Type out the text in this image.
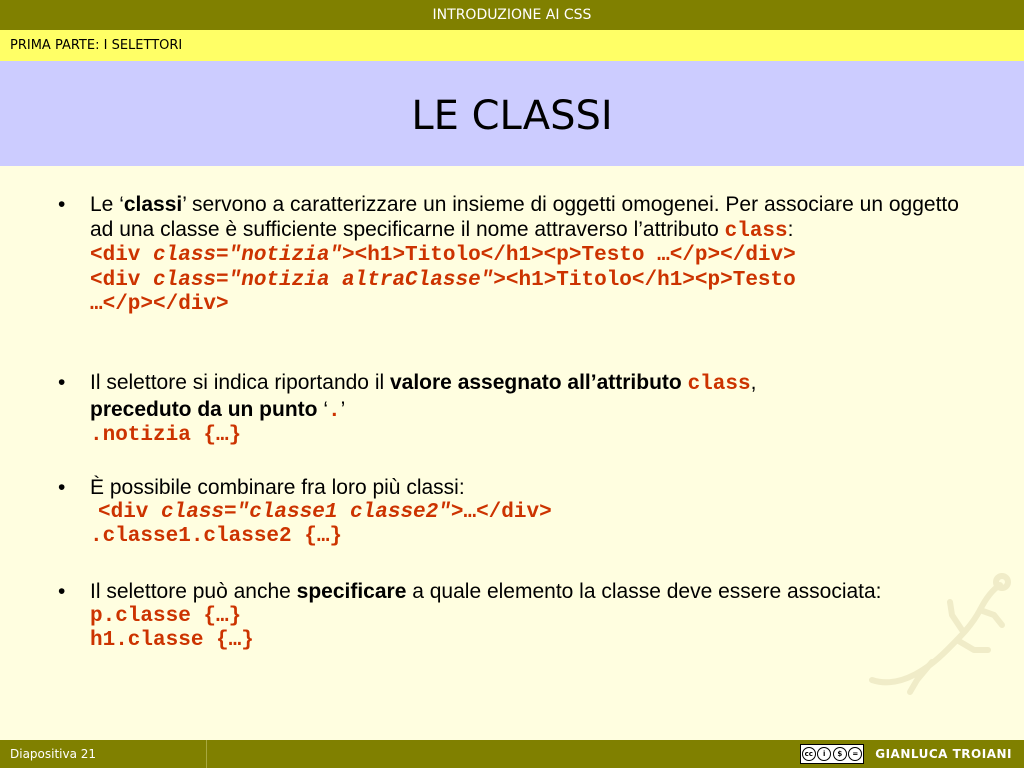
INTRODUZIONE AI CSS
PRIMA PARTE: I SELETTORI
LE CLASSI
• Le ‘classi’ servono a caratterizzare un insieme di oggetti omogenei. Per associare un oggetto ad una classe è sufficiente specificarne il nome attraverso l’attributo class:
<div class="notizia"><h1>Titolo</h1><p>Testo …</p></div>
<div class="notizia altraClasse"><h1>Titolo</h1><p>Testo
…</p></div>
• Il selettore si indica riportando il valore assegnato all’attributo class,
preceduto da un punto ‘.’
.notizia {…}
• È possibile combinare fra loro più classi:
<div class="classe1 classe2">…</div>
.classe1.classe2 {…}
• Il selettore può anche specificare a quale elemento la classe deve essere associata:
p.classe {…}
h1.classe {…}
Diapositiva 21	cc	i	$	=	GIANLUCA TROIANI
